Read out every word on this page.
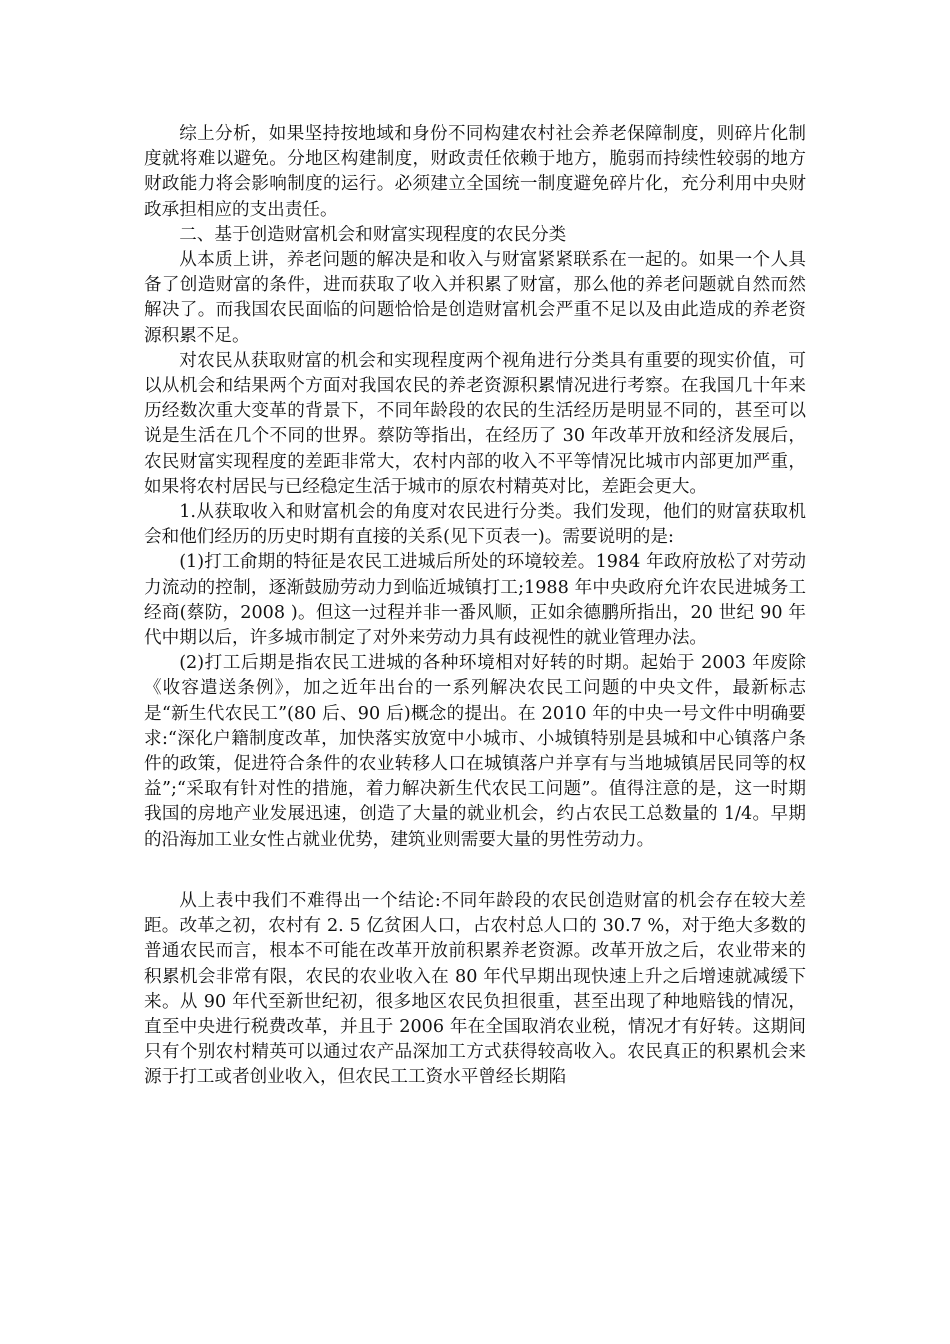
综上分析，如果坚持按地域和身份不同构建农村社会养老保障制度，则碎片化制度就将难以避免。分地区构建制度，财政责任依赖于地方，脆弱而持续性较弱的地方财政能力将会影响制度的运行。必须建立全国统一制度避免碎片化，充分利用中央财政承担相应的支出责任。

二、基于创造财富机会和财富实现程度的农民分类

从本质上讲，养老问题的解决是和收入与财富紧紧联系在一起的。如果一个人具备了创造财富的条件，进而获取了收入并积累了财富，那么他的养老问题就自然而然解决了。而我国农民面临的问题恰恰是创造财富机会严重不足以及由此造成的养老资源积累不足。

对农民从获取财富的机会和实现程度两个视角进行分类具有重要的现实价值，可以从机会和结果两个方面对我国农民的养老资源积累情况进行考察。在我国几十年来历经数次重大变革的背景下，不同年龄段的农民的生活经历是明显不同的，甚至可以说是生活在几个不同的世界。蔡防等指出，在经历了 30 年改革开放和经济发展后，农民财富实现程度的差距非常大，农村内部的收入不平等情况比城市内部更加严重，如果将农村居民与已经稳定生活于城市的原农村精英对比，差距会更大。

1.从获取收入和财富机会的角度对农民进行分类。我们发现，他们的财富获取机会和他们经历的历史时期有直接的关系(见下页表一)。需要说明的是:

(1)打工俞期的特征是农民工进城后所处的环境较差。1984 年政府放松了对劳动力流动的控制，逐渐鼓励劳动力到临近城镇打工;1988 年中央政府允许农民进城务工经商(蔡防，2008 )。但这一过程并非一番风顺，正如余德鹏所指出，20 世纪 90 年代中期以后，许多城市制定了对外来劳动力具有歧视性的就业管理办法。

(2)打工后期是指农民工进城的各种环境相对好转的时期。起始于 2003 年废除《收容遣送条例》，加之近年出台的一系列解决农民工问题的中央文件，最新标志是“新生代农民工”(80 后、90 后)概念的提出。在 2010 年的中央一号文件中明确要求:“深化户籍制度改革，加快落实放宽中小城市、小城镇特别是县城和中心镇落户条件的政策，促进符合条件的农业转移人口在城镇落户并享有与当地城镇居民同等的权益”;“采取有针对性的措施，着力解决新生代农民工问题”。值得注意的是，这一时期我国的房地产业发展迅速，创造了大量的就业机会，约占农民工总数量的 1/4。早期的沿海加工业女性占就业优势，建筑业则需要大量的男性劳动力。

从上表中我们不难得出一个结论:不同年龄段的农民创造财富的机会存在较大差距。改革之初，农村有 2. 5 亿贫困人口，占农村总人口的 30.7 %，对于绝大多数的普通农民而言，根本不可能在改革开放前积累养老资源。改革开放之后，农业带来的积累机会非常有限，农民的农业收入在 80 年代早期出现快速上升之后增速就减缓下来。从 90 年代至新世纪初，很多地区农民负担很重，甚至出现了种地赔钱的情况，直至中央进行税费改革，并且于 2006 年在全国取消农业税，情况才有好转。这期间只有个别农村精英可以通过农产品深加工方式获得较高收入。农民真正的积累机会来源于打工或者创业收入，但农民工工资水平曾经长期陷
